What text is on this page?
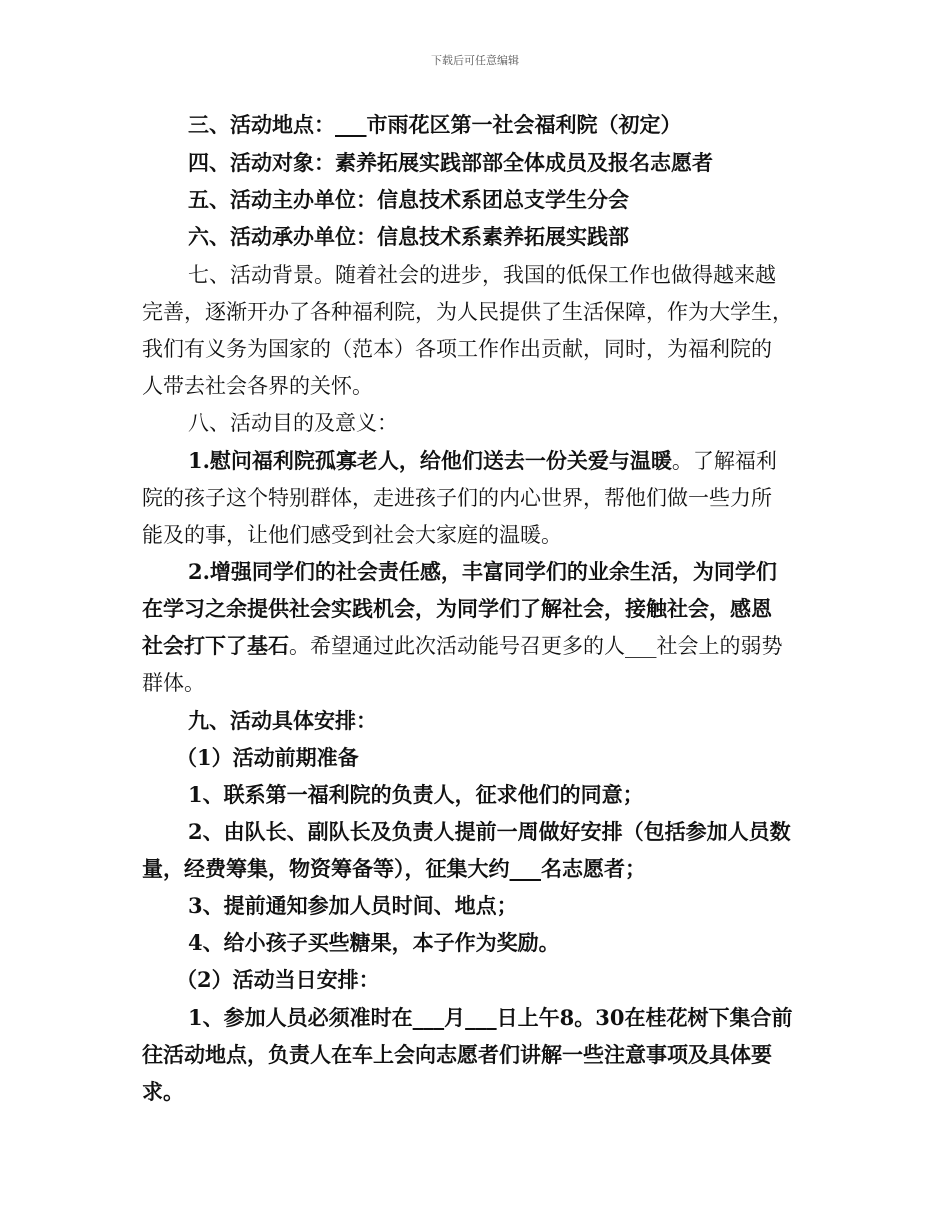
下载后可任意编辑

三、活动地点：___市雨花区第一社会福利院（初定）

四、活动对象：素养拓展实践部部全体成员及报名志愿者

五、活动主办单位：信息技术系团总支学生分会

六、活动承办单位：信息技术系素养拓展实践部

七、活动背景。随着社会的进步，我国的低保工作也做得越来越

完善，逐渐开办了各种福利院，为人民提供了生活保障，作为大学生，

我们有义务为国家的（范本）各项工作作出贡献，同时，为福利院的

人带去社会各界的关怀。

八、活动目的及意义：

1.慰问福利院孤寡老人，给他们送去一份关爱与温暖。了解福利

院的孩子这个特别群体，走进孩子们的内心世界，帮他们做一些力所

能及的事，让他们感受到社会大家庭的温暖。

2.增强同学们的社会责任感，丰富同学们的业余生活，为同学们

在学习之余提供社会实践机会，为同学们了解社会，接触社会，感恩

社会打下了基石。希望通过此次活动能号召更多的人___社会上的弱势

群体。

九、活动具体安排：

（1）活动前期准备

1、联系第一福利院的负责人，征求他们的同意；

2、由队长、副队长及负责人提前一周做好安排（包括参加人员数

量，经费筹集，物资筹备等），征集大约___名志愿者；

3、提前通知参加人员时间、地点；

4、给小孩子买些糖果，本子作为奖励。

（2）活动当日安排：

1、参加人员必须准时在___月___日上午8。30在桂花树下集合前

往活动地点，负责人在车上会向志愿者们讲解一些注意事项及具体要

求。
